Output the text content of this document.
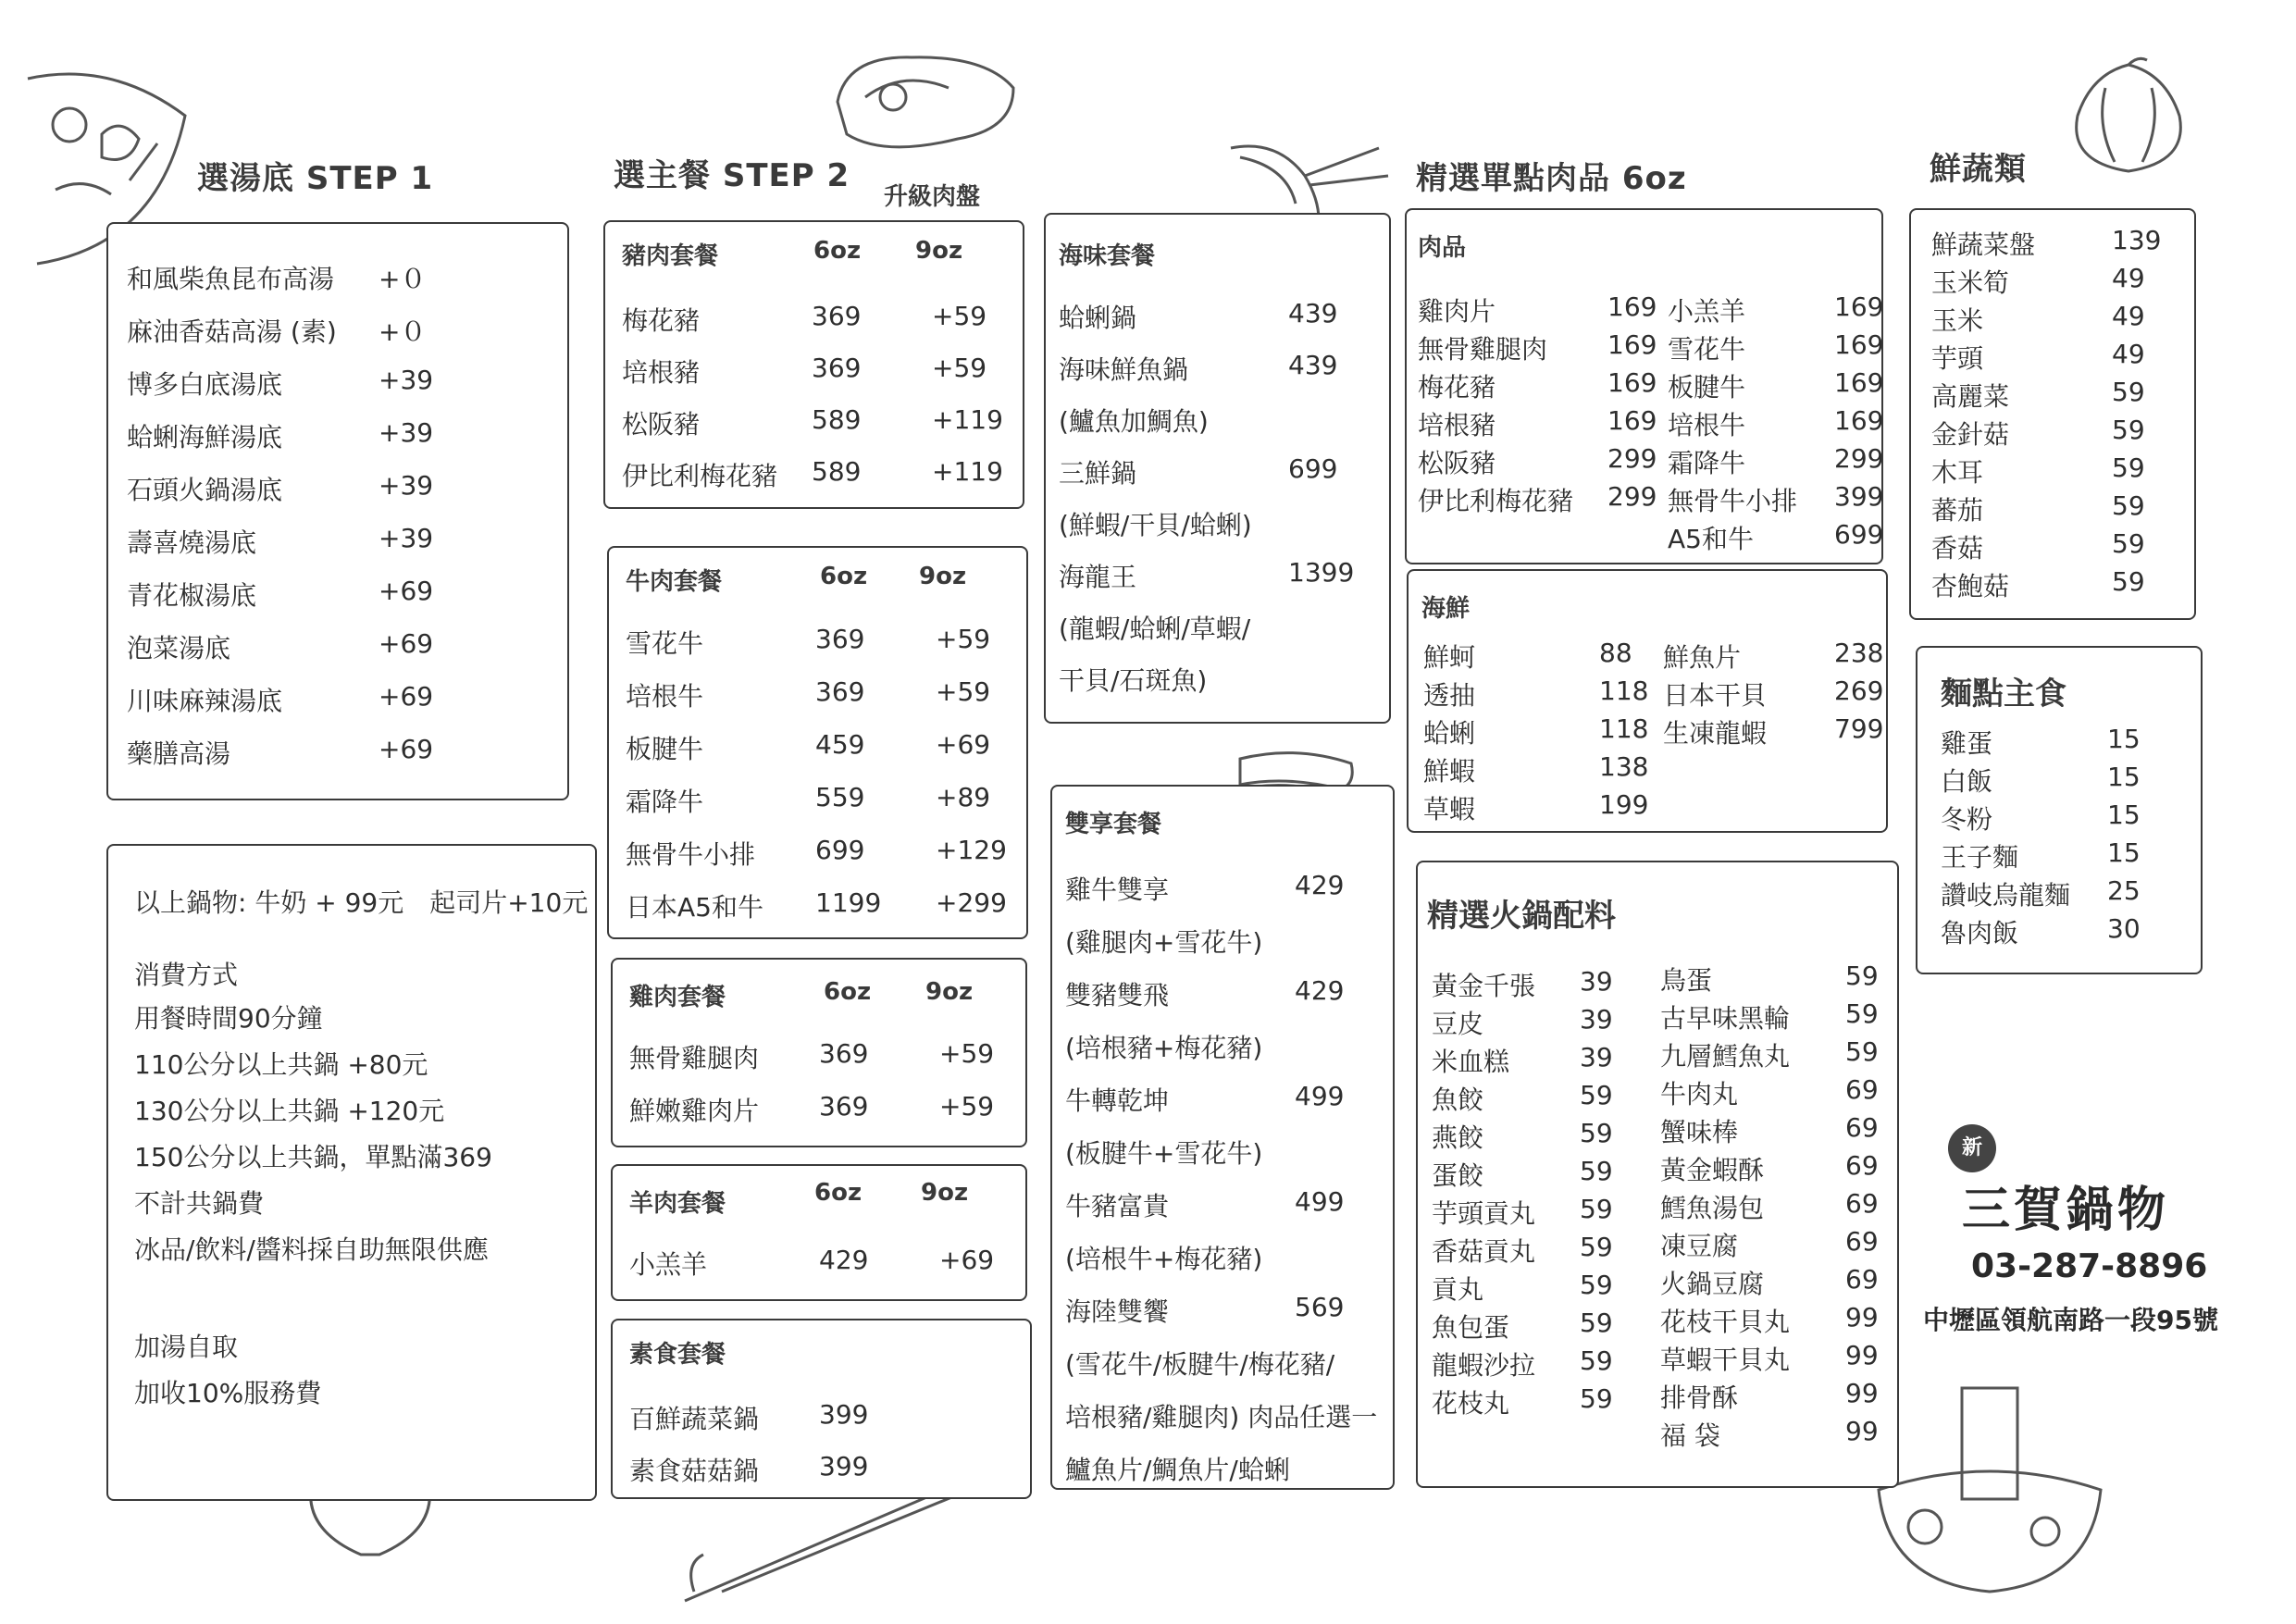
選湯底 STEP 1
和風柴魚昆布高湯 +０
麻油香菇高湯 (素) +０
博多白底湯底	+39
蛤蜊海鮮湯底	+39
石頭火鍋湯底	+39
壽喜燒湯底	+39
青花椒湯底	+69
泡菜湯底	+69
川味麻辣湯底	+69
藥膳高湯	+69
以上鍋物: 牛奶 + 99元　起司片+10元
消費方式
用餐時間90分鐘
110公分以上共鍋 +80元
130公分以上共鍋 +120元
150公分以上共鍋，單點滿369
不計共鍋費
冰品/飲料/醬料採自助無限供應
加湯自取
加收10%服務費
選主餐 STEP 2
升級肉盤
豬肉套餐	6oz 9oz
梅花豬	369	+59
培根豬	369	+59
松阪豬	589	+119
伊比利梅花豬 589	+119
牛肉套餐	6oz 9oz
雪花牛	369	+59
培根牛	369	+59
板腱牛	459	+69
霜降牛	559	+89
無骨牛小排 699	+129
日本A5和牛 1199 +299
雞肉套餐	6oz 9oz
無骨雞腿肉 369	+59
鮮嫩雞肉片 369	+59
羊肉套餐	6oz 9oz
小羔羊	429	+69
素食套餐
百鮮蔬菜鍋 399
素食菇菇鍋 399
海味套餐
蛤蜊鍋	439
海味鮮魚鍋	439
(鱸魚加鯛魚)
三鮮鍋	699
(鮮蝦/干貝/蛤蜊)
海龍王	1399
(龍蝦/蛤蜊/草蝦/
干貝/石斑魚)
雙享套餐
雞牛雙享	429
(雞腿肉+雪花牛)
雙豬雙飛	429
(培根豬+梅花豬)
牛轉乾坤	499
(板腱牛+雪花牛)
牛豬富貴	499
(培根牛+梅花豬)
海陸雙饗	569
(雪花牛/板腱牛/梅花豬/
培根豬/雞腿肉) 肉品任選一
鱸魚片/鯛魚片/蛤蜊
精選單點肉品 6oz
肉品
雞肉片	169
無骨雞腿肉 169
梅花豬	169
培根豬	169
松阪豬	299
伊比利梅花豬 299
小羔羊	169
雪花牛	169
板腱牛	169
培根牛	169
霜降牛	299
無骨牛小排 399
A5和牛	699
海鮮
鮮蚵	88
透抽	118
蛤蜊	118
鮮蝦	138
草蝦	199
鮮魚片	238
日本干貝	269
生凍龍蝦	799
精選火鍋配料
黃金千張 39
豆皮	39
米血糕	39
魚餃	59
燕餃	59
蛋餃	59
芋頭貢丸 59
香菇貢丸 59
貢丸	59
魚包蛋	59
龍蝦沙拉 59
花枝丸	59
鳥蛋	59
古早味黑輪 59
九層鱈魚丸 59
牛肉丸	69
蟹味棒	69
黃金蝦酥	69
鱈魚湯包	69
凍豆腐	69
火鍋豆腐	69
花枝干貝丸 99
草蝦干貝丸 99
排骨酥	99
福 袋	99
鮮蔬類
鮮蔬菜盤	139
玉米筍	49
玉米	49
芋頭	49
高麗菜	59
金針菇	59
木耳	59
蕃茄	59
香菇	59
杏鮑菇	59
麵點主食
雞蛋	15
白飯	15
冬粉	15
王子麵	15
讚岐烏龍麵 25
魯肉飯	30
新
三賀鍋物
03-287-8896
中壢區領航南路一段95號
